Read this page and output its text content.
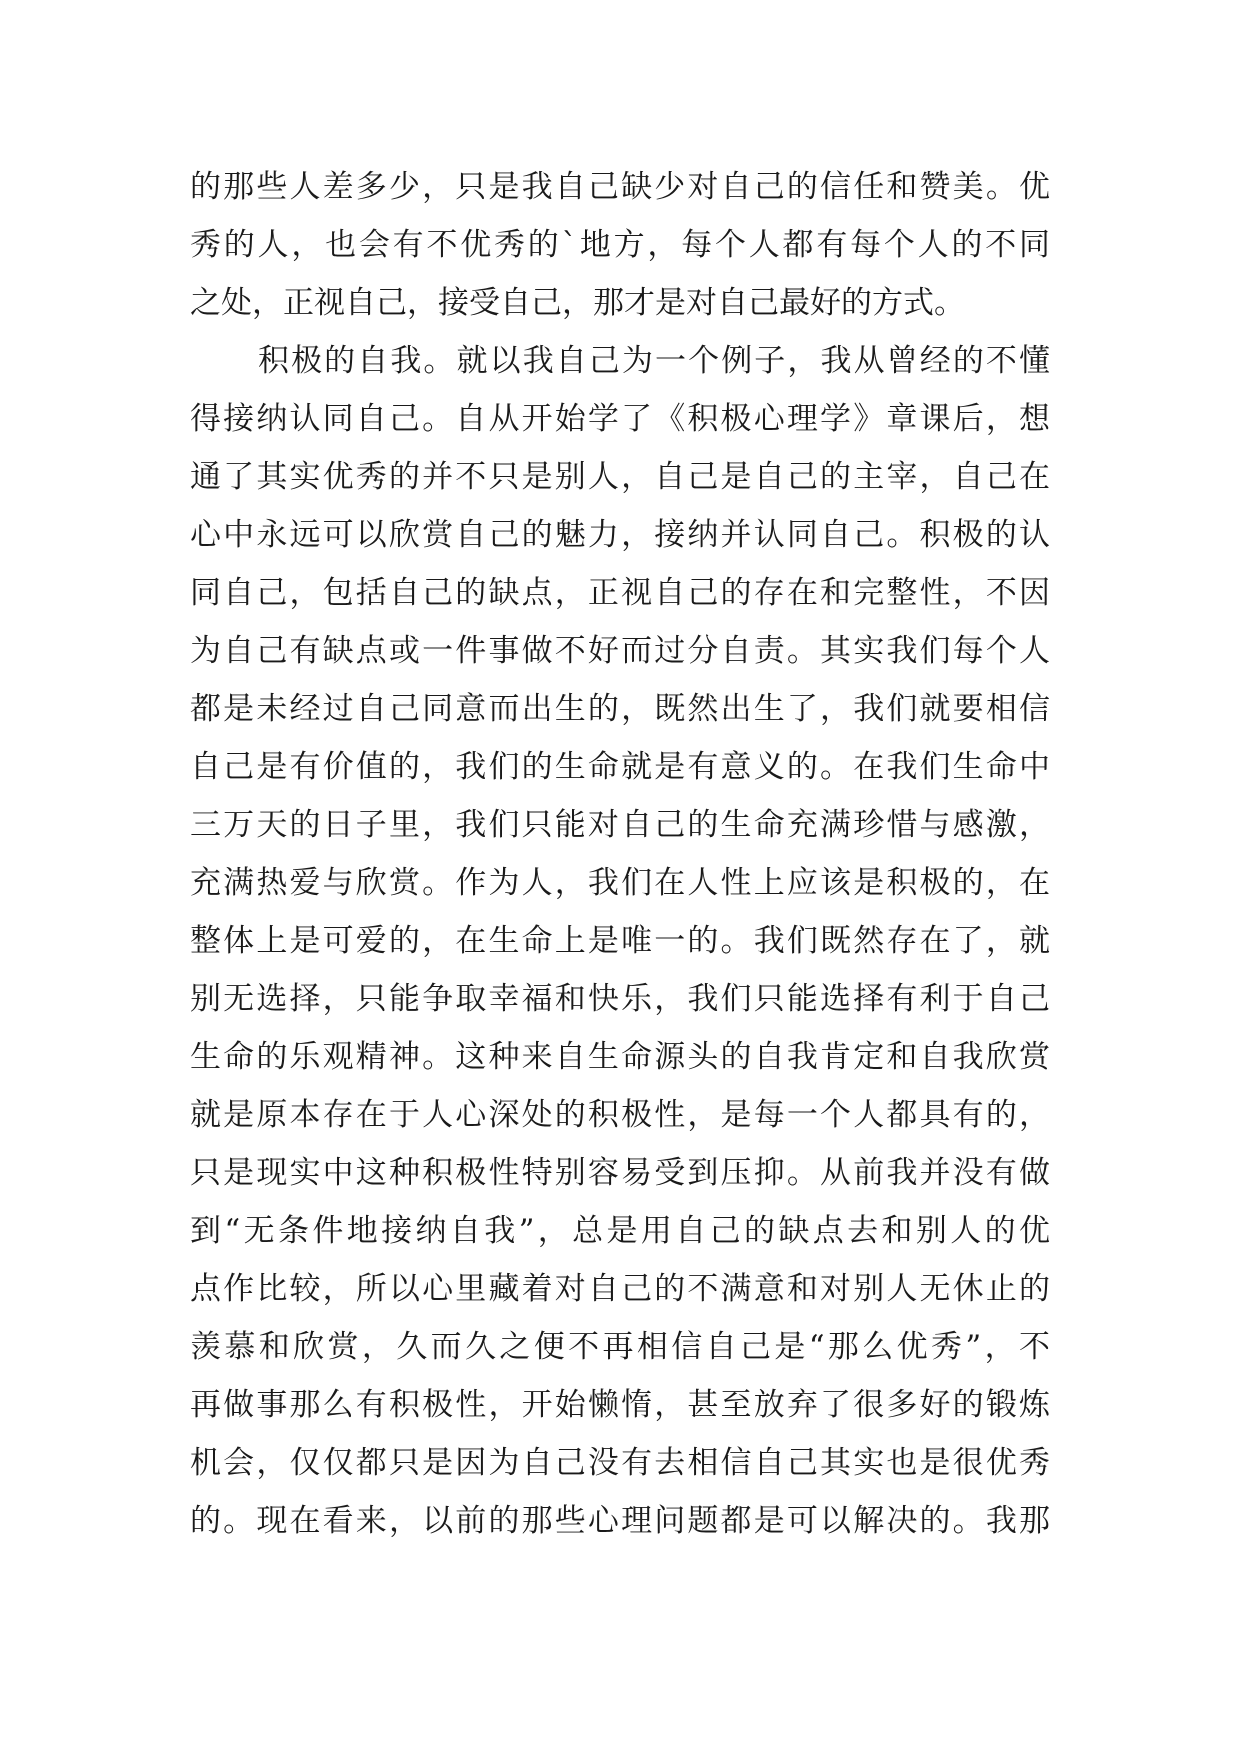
的那些人差多少，只是我自己缺少对自己的信任和赞美。优
秀的人，也会有不优秀的`地方，每个人都有每个人的不同
之处，正视自己，接受自己，那才是对自己最好的方式。
积极的自我。就以我自己为一个例子，我从曾经的不懂
得接纳认同自己。自从开始学了《积极心理学》章课后，想
通了其实优秀的并不只是别人，自己是自己的主宰，自己在
心中永远可以欣赏自己的魅力，接纳并认同自己。积极的认
同自己，包括自己的缺点，正视自己的存在和完整性，不因
为自己有缺点或一件事做不好而过分自责。其实我们每个人
都是未经过自己同意而出生的，既然出生了，我们就要相信
自己是有价值的，我们的生命就是有意义的。在我们生命中
三万天的日子里，我们只能对自己的生命充满珍惜与感激，
充满热爱与欣赏。作为人，我们在人性上应该是积极的，在
整体上是可爱的，在生命上是唯一的。我们既然存在了，就
别无选择，只能争取幸福和快乐，我们只能选择有利于自己
生命的乐观精神。这种来自生命源头的自我肯定和自我欣赏
就是原本存在于人心深处的积极性，是每一个人都具有的，
只是现实中这种积极性特别容易受到压抑。从前我并没有做
到“无条件地接纳自我”，总是用自己的缺点去和别人的优
点作比较，所以心里藏着对自己的不满意和对别人无休止的
羡慕和欣赏，久而久之便不再相信自己是“那么优秀”，不
再做事那么有积极性，开始懒惰，甚至放弃了很多好的锻炼
机会，仅仅都只是因为自己没有去相信自己其实也是很优秀
的。现在看来，以前的那些心理问题都是可以解决的。我那
